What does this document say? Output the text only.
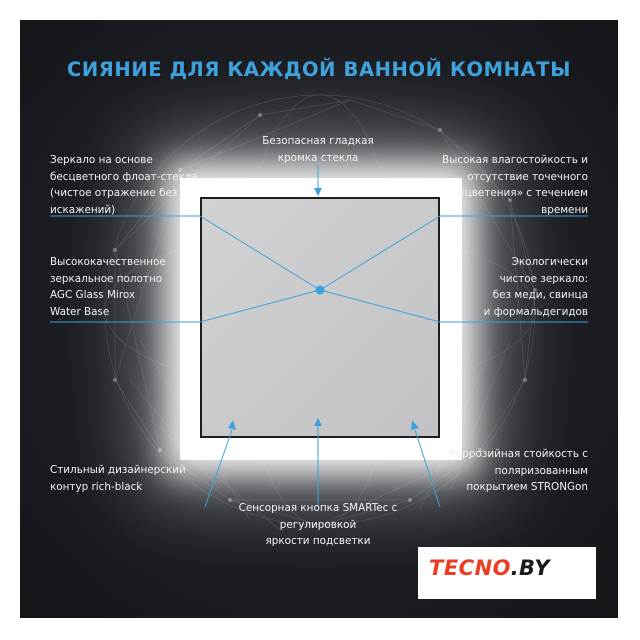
СИЯНИЕ ДЛЯ КАЖДОЙ ВАННОЙ КОМНАТЫ
Зеркало на основе
бесцветного флоат-стекла
(чистое отражение без
искажений)
Безопасная гладкая
кромка стекла	Высокая влагостойкость и
отсутствие точечного
«цветения» с течением
времени
Высококачественное
зеркальное полотно
AGC Glass Mirox
Water Base
Экологически
чистое зеркало:
без меди, свинца
и формальдегидов
Стильный дизайнерский
контур rich-black
Сенсорная кнопка SMARTec с
регулировкой
яркости подсветки
Коррозийная стойкость с
поляризованным
покрытием STRONGon

TECNO.BY
